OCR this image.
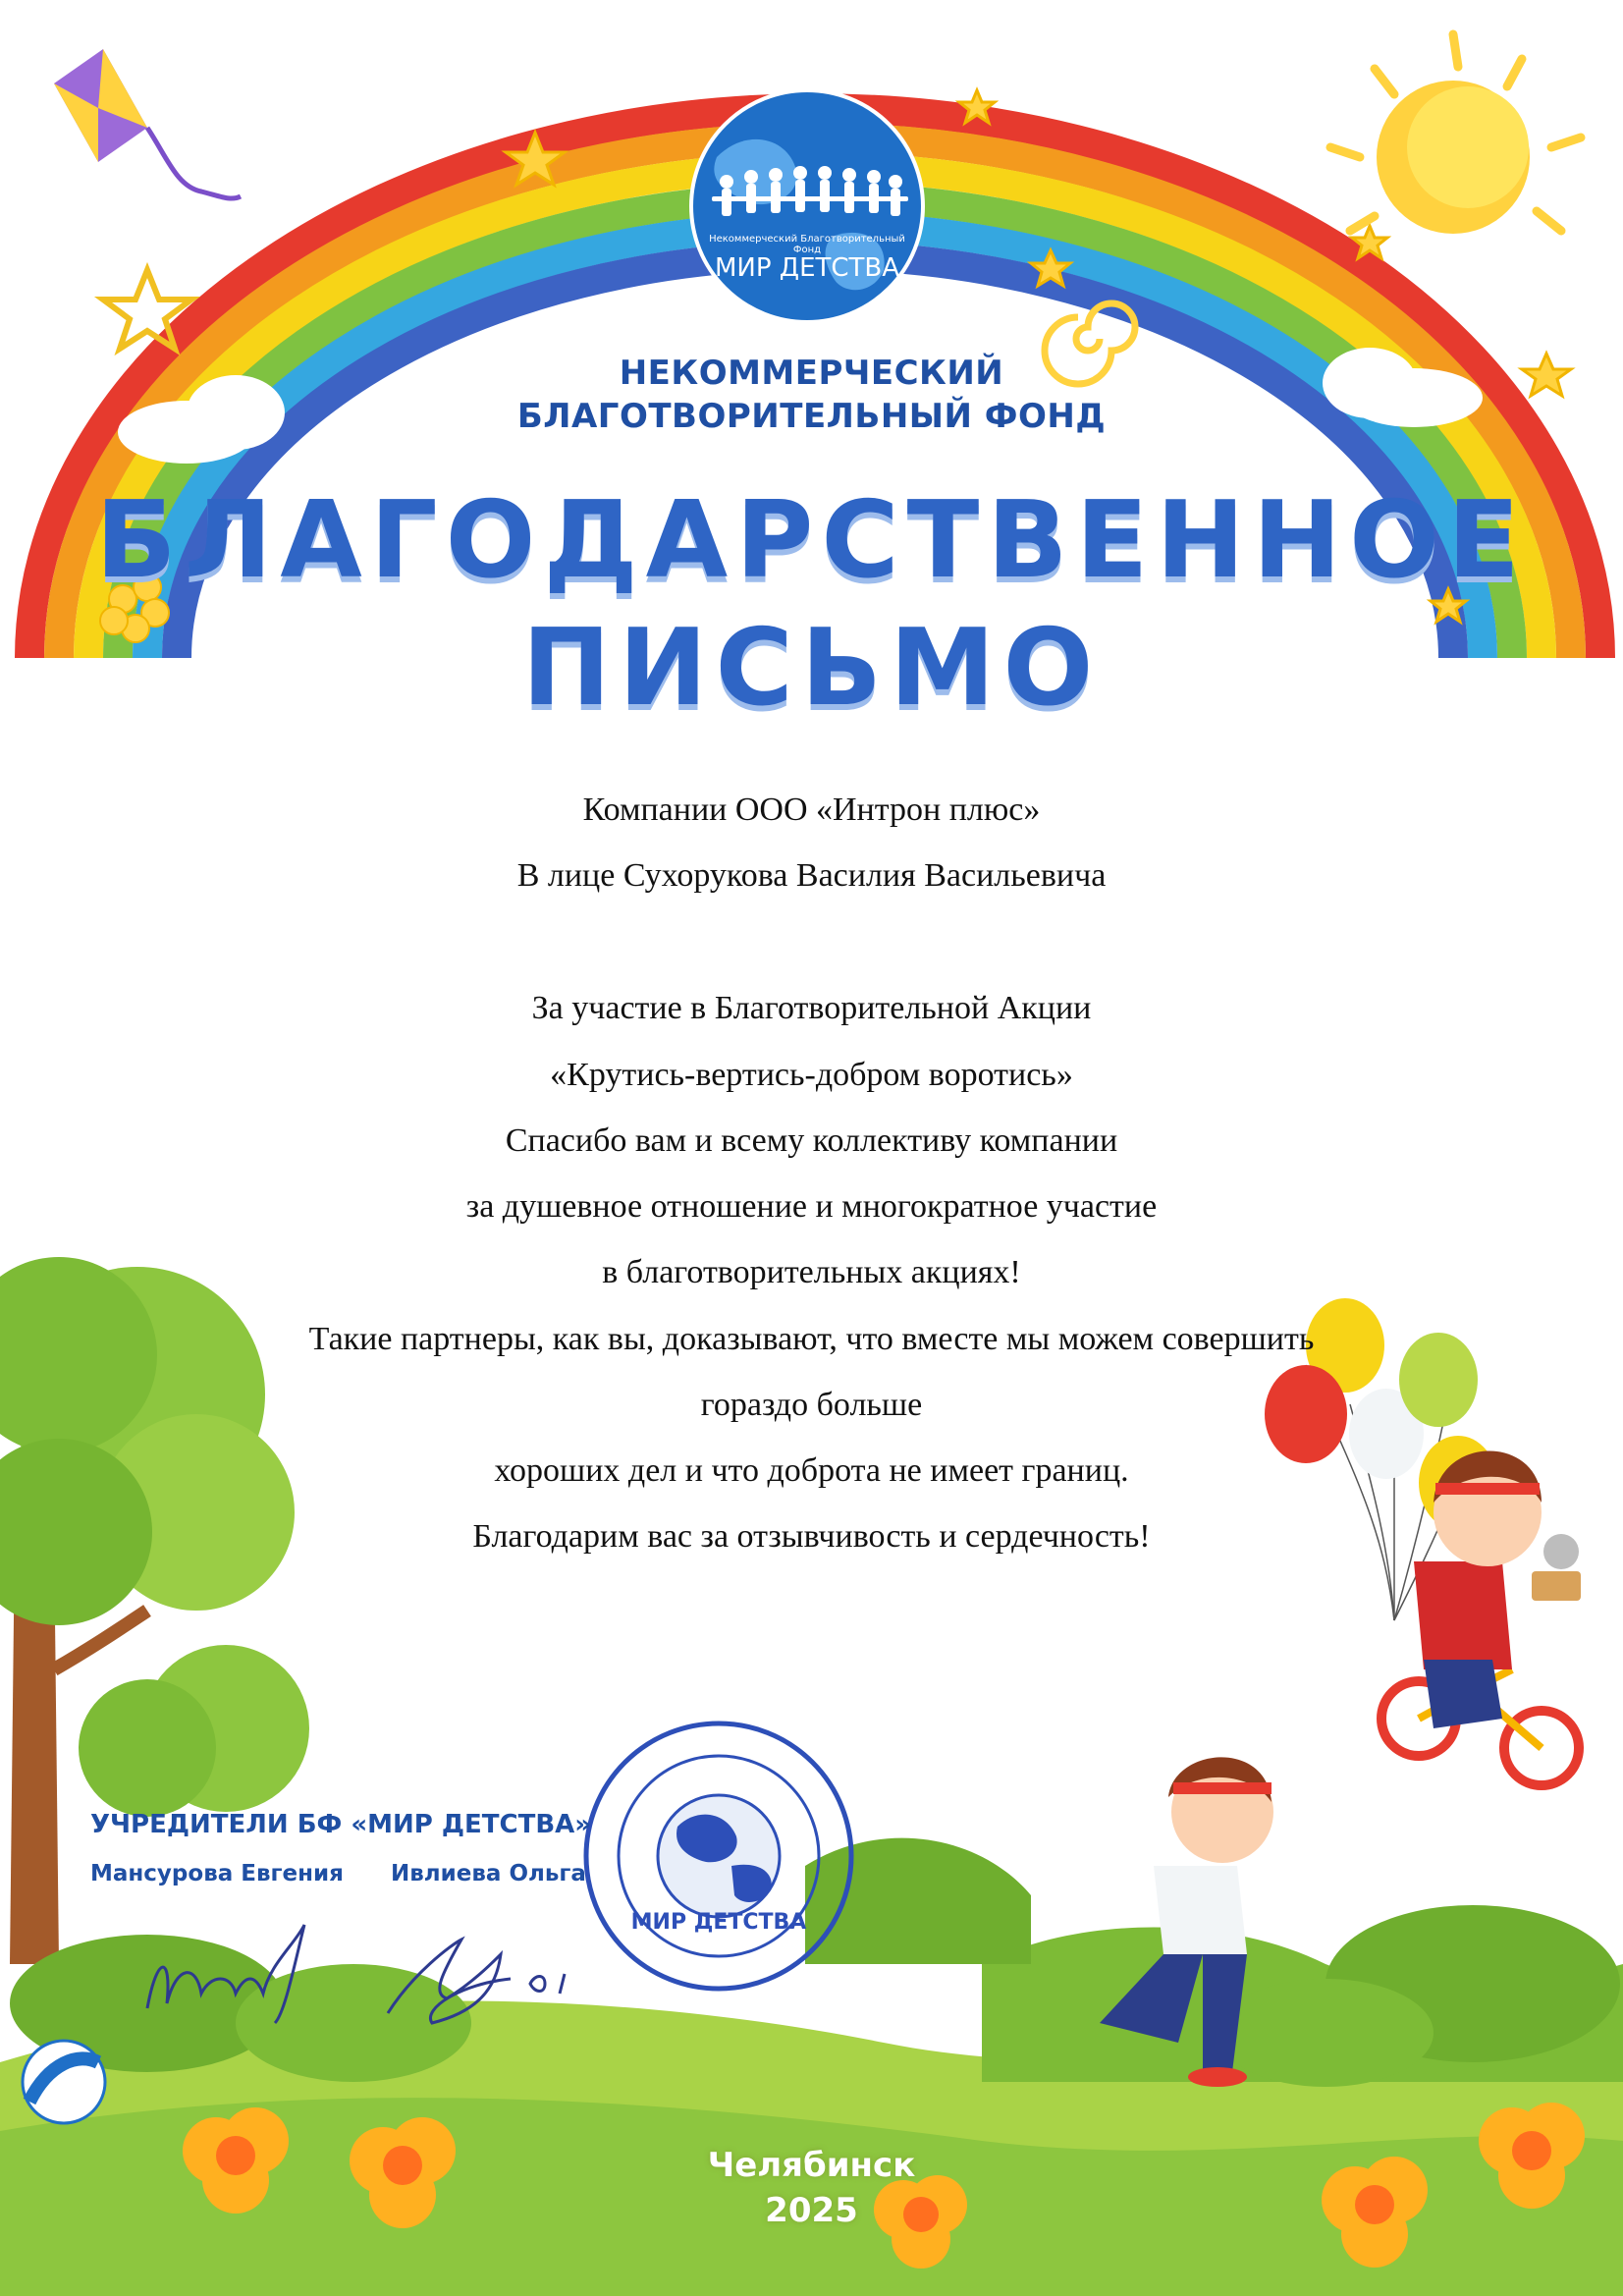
Некоммерческий Благотворительный Фонд
МИР ДЕТСТВА
НЕКОММЕРЧЕСКИЙ
БЛАГОТВОРИТЕЛЬНЫЙ ФОНД
БЛАГОДАРСТВЕННОЕ
ПИСЬМО
Компании ООО «Интрон плюс»
В лице Сухорукова Василия Васильевича
За участие в Благотворительной Акции
«Крутись-вертись-добром воротись»
Спасибо вам и всему коллективу компании
за душевное отношение и многократное участие
в благотворительных акциях!
Такие партнеры, как вы, доказывают, что вместе мы можем совершить
гораздо больше
хороших дел и что доброта не имеет границ.
Благодарим вас за отзывчивость и сердечность!
УЧРЕДИТЕЛИ БФ «МИР ДЕТСТВА»
Мансурова Евгения Ивлиева Ольга
МИР ДЕТСТВА
Челябинск
2025
